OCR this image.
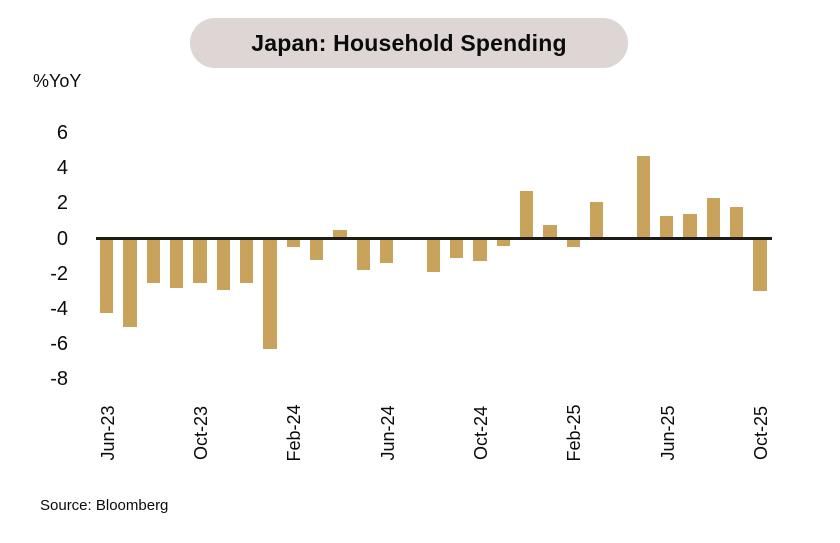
Japan: Household Spending
%YoY
6
4
2
0
-2
-4
-6
-8
Jun-23	Oct-23	Feb-24	Jun-24	Oct-24	Feb-25	Jun-25	Oct-25
Source: Bloomberg
